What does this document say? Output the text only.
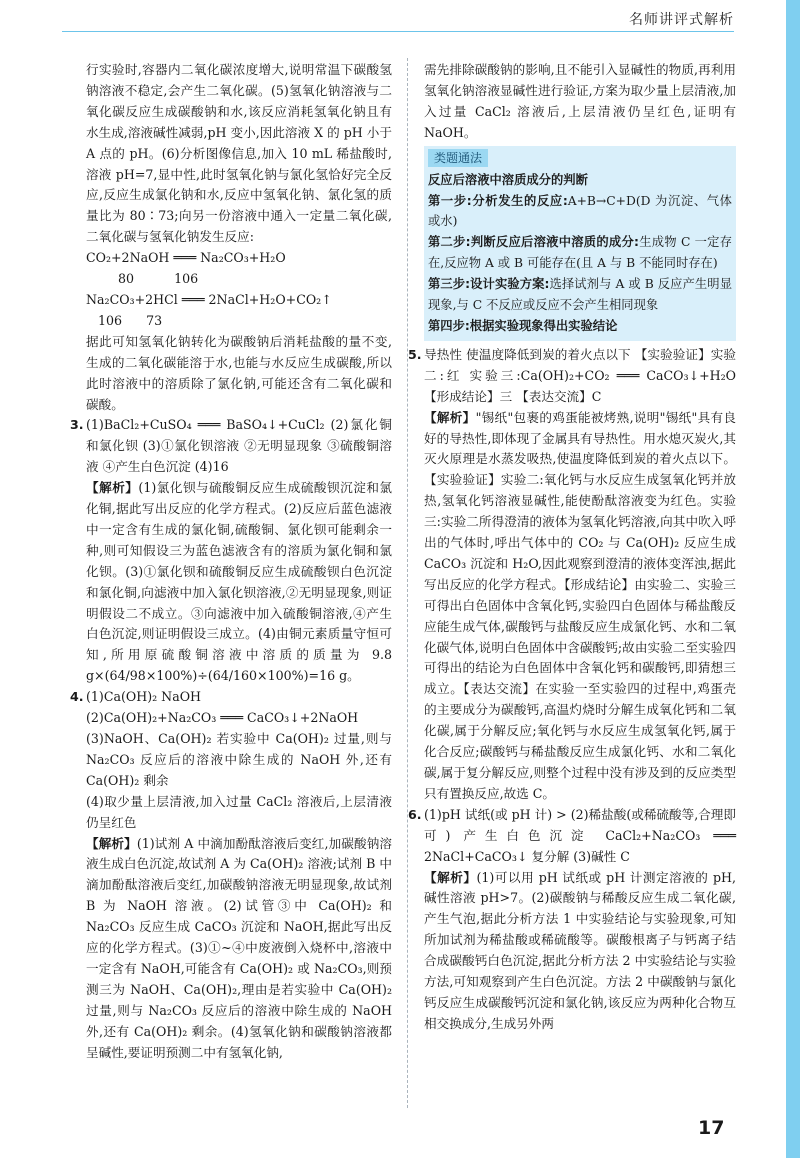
名师讲评式解析

行实验时,容器内二氧化碳浓度增大,说明常温下碳酸氢钠溶液不稳定,会产生二氧化碳。(5)氢氧化钠溶液与二氧化碳反应生成碳酸钠和水,该反应消耗氢氧化钠且有水生成,溶液碱性减弱,pH 变小,因此溶液 X 的 pH 小于 A 点的 pH。(6)分析图像信息,加入 10 mL 稀盐酸时,溶液 pH=7,显中性,此时氢氧化钠与氯化氢恰好完全反应,反应生成氯化钠和水,反应中氢氧化钠、氯化氢的质量比为 80∶73;向另一份溶液中通入一定量二氧化碳,二氧化碳与氢氧化钠发生反应:

CO₂+2NaOH ═══ Na₂CO₃+H₂O

80          106

Na₂CO₃+2HCl ═══ 2NaCl+H₂O+CO₂↑

106      73

据此可知氢氧化钠转化为碳酸钠后消耗盐酸的量不变,生成的二氧化碳能溶于水,也能与水反应生成碳酸,所以此时溶液中的溶质除了氯化钠,可能还含有二氧化碳和碳酸。

3. (1)BaCl₂+CuSO₄ ═══ BaSO₄↓+CuCl₂ (2)氯化铜和氯化钡 (3)①氯化钡溶液 ②无明显现象 ③硫酸铜溶液 ④产生白色沉淀 (4)16

【解析】(1)氯化钡与硫酸铜反应生成硫酸钡沉淀和氯化铜,据此写出反应的化学方程式。(2)反应后蓝色滤液中一定含有生成的氯化铜,硫酸铜、氯化钡可能剩余一种,则可知假设三为蓝色滤液含有的溶质为氯化铜和氯化钡。(3)①氯化钡和硫酸铜反应生成硫酸钡白色沉淀和氯化铜,向滤液中加入氯化钡溶液,②无明显现象,则证明假设二不成立。③向滤液中加入硫酸铜溶液,④产生白色沉淀,则证明假设三成立。(4)由铜元素质量守恒可知,所用原硫酸铜溶液中溶质的质量为 9.8 g×(64/98×100%)÷(64/160×100%)=16 g。

4. (1)Ca(OH)₂ NaOH

(2)Ca(OH)₂+Na₂CO₃ ═══ CaCO₃↓+2NaOH

(3)NaOH、Ca(OH)₂ 若实验中 Ca(OH)₂ 过量,则与 Na₂CO₃ 反应后的溶液中除生成的 NaOH 外,还有 Ca(OH)₂ 剩余

(4)取少量上层清液,加入过量 CaCl₂ 溶液后,上层清液仍呈红色

【解析】(1)试剂 A 中滴加酚酞溶液后变红,加碳酸钠溶液生成白色沉淀,故试剂 A 为 Ca(OH)₂ 溶液;试剂 B 中滴加酚酞溶液后变红,加碳酸钠溶液无明显现象,故试剂 B 为 NaOH 溶液。(2)试管③中 Ca(OH)₂ 和 Na₂CO₃ 反应生成 CaCO₃ 沉淀和 NaOH,据此写出反应的化学方程式。(3)①~④中废液倒入烧杯中,溶液中一定含有 NaOH,可能含有 Ca(OH)₂ 或 Na₂CO₃,则预测三为 NaOH、Ca(OH)₂,理由是若实验中 Ca(OH)₂ 过量,则与 Na₂CO₃ 反应后的溶液中除生成的 NaOH 外,还有 Ca(OH)₂ 剩余。(4)氢氧化钠和碳酸钠溶液都呈碱性,要证明预测二中有氢氧化钠,

需先排除碳酸钠的影响,且不能引入显碱性的物质,再利用氢氧化钠溶液显碱性进行验证,方案为取少量上层清液,加入过量 CaCl₂ 溶液后,上层清液仍呈红色,证明有 NaOH。

类题通法

反应后溶液中溶质成分的判断

第一步:分析发生的反应:A+B→C+D(D 为沉淀、气体或水)

第二步:判断反应后溶液中溶质的成分:生成物 C 一定存在,反应物 A 或 B 可能存在(且 A 与 B 不能同时存在)

第三步:设计实验方案:选择试剂与 A 或 B 反应产生明显现象,与 C 不反应或反应不会产生相同现象

第四步:根据实验现象得出实验结论

5. 导热性 使温度降低到炭的着火点以下 【实验验证】实验二:红 实验三:Ca(OH)₂+CO₂ ═══ CaCO₃↓+H₂O 【形成结论】三 【表达交流】C

【解析】"锡纸"包裹的鸡蛋能被烤熟,说明"锡纸"具有良好的导热性,即体现了金属具有导热性。用水熄灭炭火,其灭火原理是水蒸发吸热,使温度降低到炭的着火点以下。【实验验证】实验二:氧化钙与水反应生成氢氧化钙并放热,氢氧化钙溶液显碱性,能使酚酞溶液变为红色。实验三:实验二所得澄清的液体为氢氧化钙溶液,向其中吹入呼出的气体时,呼出气体中的 CO₂ 与 Ca(OH)₂ 反应生成 CaCO₃ 沉淀和 H₂O,因此观察到澄清的液体变浑浊,据此写出反应的化学方程式。【形成结论】由实验二、实验三可得出白色固体中含氧化钙,实验四白色固体与稀盐酸反应能生成气体,碳酸钙与盐酸反应生成氯化钙、水和二氧化碳气体,说明白色固体中含碳酸钙;故由实验二至实验四可得出的结论为白色固体中含氧化钙和碳酸钙,即猜想三成立。【表达交流】在实验一至实验四的过程中,鸡蛋壳的主要成分为碳酸钙,高温灼烧时分解生成氧化钙和二氧化碳,属于分解反应;氧化钙与水反应生成氢氧化钙,属于化合反应;碳酸钙与稀盐酸反应生成氯化钙、水和二氧化碳,属于复分解反应,则整个过程中没有涉及到的反应类型只有置换反应,故选 C。

6. (1)pH 试纸(或 pH 计) > (2)稀盐酸(或稀硫酸等,合理即可) 产生白色沉淀 CaCl₂+Na₂CO₃ ═══ 2NaCl+CaCO₃↓ 复分解 (3)碱性 C

【解析】(1)可以用 pH 试纸或 pH 计测定溶液的 pH,碱性溶液 pH>7。(2)碳酸钠与稀酸反应生成二氧化碳,产生气泡,据此分析方法 1 中实验结论与实验现象,可知所加试剂为稀盐酸或稀硫酸等。碳酸根离子与钙离子结合成碳酸钙白色沉淀,据此分析方法 2 中实验结论与实验方法,可知观察到产生白色沉淀。方法 2 中碳酸钠与氯化钙反应生成碳酸钙沉淀和氯化钠,该反应为两种化合物互相交换成分,生成另外两

17
